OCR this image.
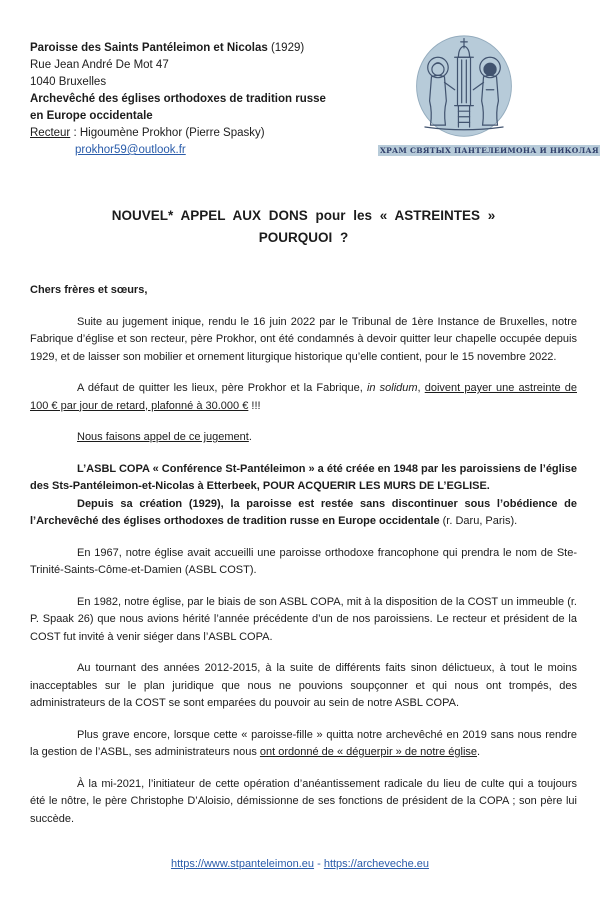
Paroisse des Saints Pantéleimon et Nicolas (1929)
Rue Jean André De Mot 47
1040 Bruxelles
Archevêché des églises orthodoxes de tradition russe
en Europe occidentale
Recteur : Higoumène Prokhor (Pierre Spasky)
prokhor59@outlook.fr	ХРАМ СВЯТЫХ ПАНТЕЛЕИМОНА И НИКОЛАЯ
NOUVEL* APPEL AUX DONS pour les « ASTREINTES »
POURQUOI ?

Chers frères et sœurs,

Suite au jugement inique, rendu le 16 juin 2022 par le Tribunal de 1ère Instance de Bruxelles, notre Fabrique d’église et son recteur, père Prokhor, ont été condamnés à devoir quitter leur chapelle occupée depuis 1929, et de laisser son mobilier et ornement liturgique historique qu’elle contient, pour le 15 novembre 2022.

A défaut de quitter les lieux, père Prokhor et la Fabrique, in solidum, doivent payer une astreinte de 100 € par jour de retard, plafonné à 30.000 € !!!

Nous faisons appel de ce jugement.

L’ASBL COPA « Conférence St-Pantéleimon » a été créée en 1948 par les paroissiens de l’église des Sts-Pantéleimon-et-Nicolas à Etterbeek, POUR ACQUERIR LES MURS DE L’EGLISE.

Depuis sa création (1929), la paroisse est restée sans discontinuer sous l’obédience de l’Archevêché des églises orthodoxes de tradition russe en Europe occidentale (r. Daru, Paris).

En 1967, notre église avait accueilli une paroisse orthodoxe francophone qui prendra le nom de Ste-Trinité-Saints-Côme-et-Damien (ASBL COST).

En 1982, notre église, par le biais de son ASBL COPA, mit à la disposition de la COST un immeuble (r. P. Spaak 26) que nous avions hérité l’année précédente d’un de nos paroissiens. Le recteur et président de la COST fut invité à venir siéger dans l’ASBL COPA.

Au tournant des années 2012-2015, à la suite de différents faits sinon délictueux, à tout le moins inacceptables sur le plan juridique que nous ne pouvions soupçonner et qui nous ont trompés, des administrateurs de la COST se sont emparées du pouvoir au sein de notre ASBL COPA.

Plus grave encore, lorsque cette « paroisse-fille » quitta notre archevêché en 2019 sans nous rendre la gestion de l’ASBL, ses administrateurs nous ont ordonné de « déguerpir » de notre église.

À la mi-2021, l’initiateur de cette opération d’anéantissement radicale du lieu de culte qui a toujours été le nôtre, le père Christophe D’Aloisio, démissionne de ses fonctions de président de la COPA ; son père lui succède.

https://www.stpanteleimon.eu - https://archeveche.eu
